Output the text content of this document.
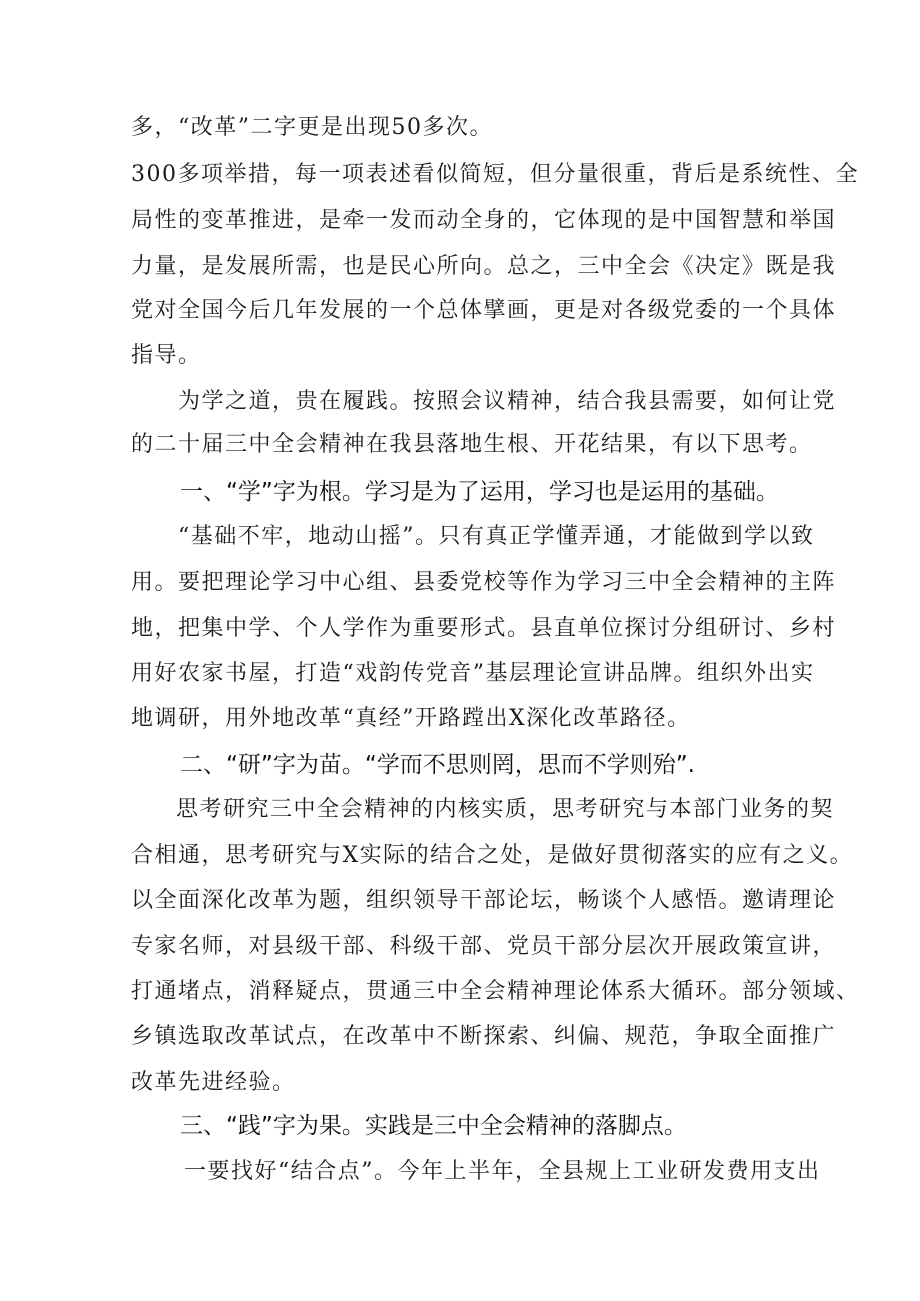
多，“改革”二字更是出现50多次。
300多项举措，每一项表述看似简短，但分量很重，背后是系统性、全
局性的变革推进，是牵一发而动全身的，它体现的是中国智慧和举国
力量，是发展所需，也是民心所向。总之，三中全会《决定》既是我
党对全国今后几年发展的一个总体擘画，更是对各级党委的一个具体
指导。
为学之道，贵在履践。按照会议精神，结合我县需要，如何让党
的二十届三中全会精神在我县落地生根、开花结果，有以下思考。
一、“学”字为根。学习是为了运用，学习也是运用的基础。
“基础不牢，地动山摇”。只有真正学懂弄通，才能做到学以致
用。要把理论学习中心组、县委党校等作为学习三中全会精神的主阵
地，把集中学、个人学作为重要形式。县直单位探讨分组研讨、乡村
用好农家书屋，打造“戏韵传党音”基层理论宣讲品牌。组织外出实
地调研，用外地改革“真经”开路蹚出X深化改革路径。
二、“研”字为苗。“学而不思则罔，思而不学则殆”.
思考研究三中全会精神的内核实质，思考研究与本部门业务的契
合相通，思考研究与X实际的结合之处，是做好贯彻落实的应有之义。
以全面深化改革为题，组织领导干部论坛，畅谈个人感悟。邀请理论
专家名师，对县级干部、科级干部、党员干部分层次开展政策宣讲，
打通堵点，消释疑点，贯通三中全会精神理论体系大循环。部分领域、
乡镇选取改革试点，在改革中不断探索、纠偏、规范，争取全面推广
改革先进经验。
三、“践”字为果。实践是三中全会精神的落脚点。
一要找好“结合点”。今年上半年，全县规上工业研发费用支出
